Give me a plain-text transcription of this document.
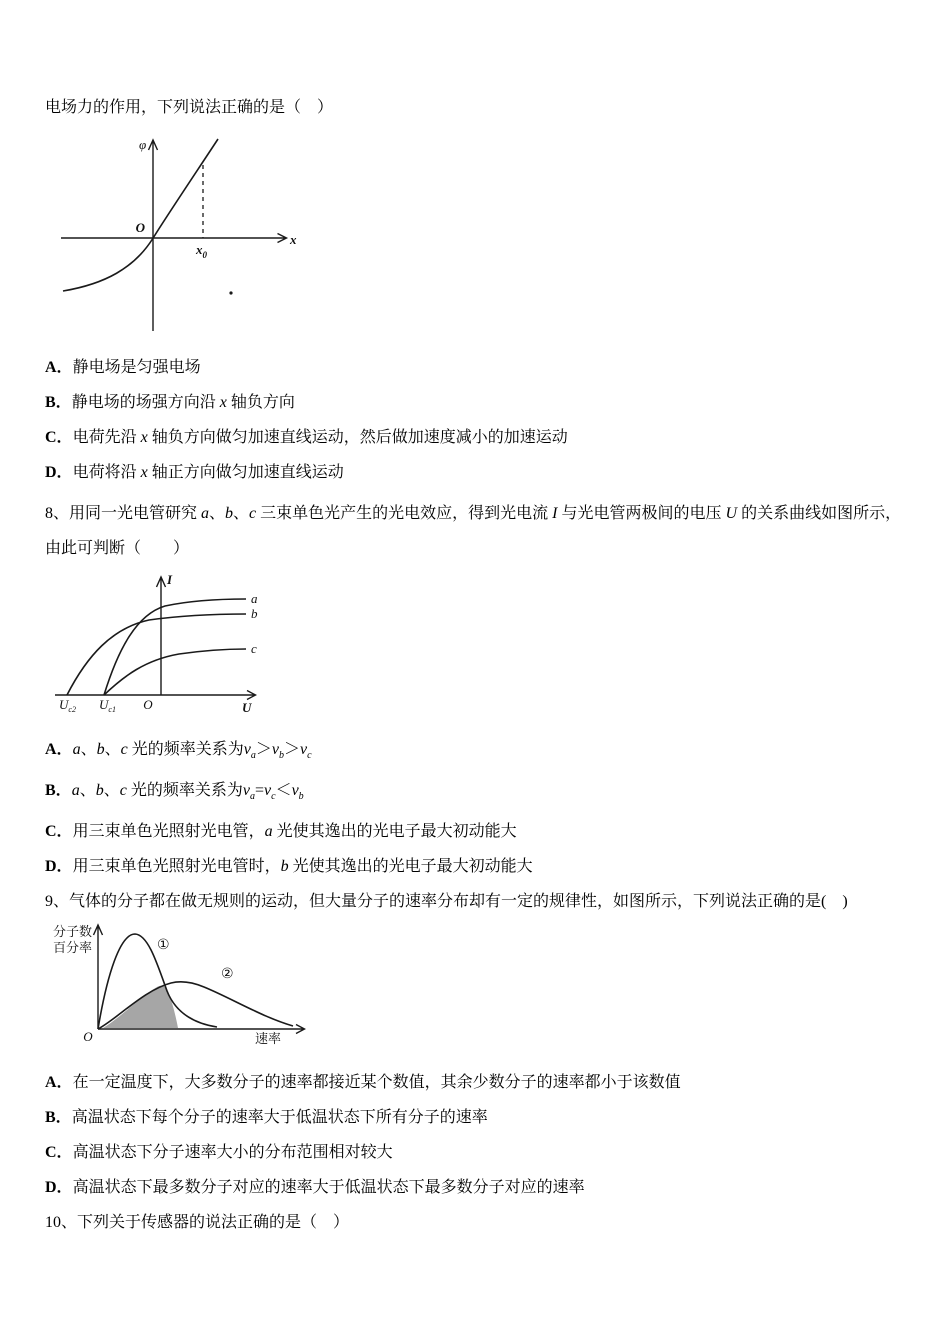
电场力的作用，下列说法正确的是（　）

φ
O
x
$x_0$

A．静电场是匀强电场

B．静电场的场强方向沿 x 轴负方向

C．电荷先沿 x 轴负方向做匀加速直线运动，然后做加速度减小的加速运动

D．电荷将沿 x 轴正方向做匀加速直线运动

8、用同一光电管研究 a、b、c 三束单色光产生的光电效应，得到光电流 I 与光电管两极间的电压 U 的关系曲线如图所示，由此可判断（　　）

I
U
O
$U_{c2}$ $U_{c1}$
a
b
c

A．a、b、c 光的频率关系为$\nu_a>\nu_b>\nu_c$

B．a、b、c 光的频率关系为$\nu_a=\nu_c<\nu_b$

C．用三束单色光照射光电管，a 光使其逸出的光电子最大初动能大

D．用三束单色光照射光电管时，b 光使其逸出的光电子最大初动能大

9、气体的分子都在做无规则的运动，但大量分子的速率分布却有一定的规律性，如图所示，下列说法正确的是(　)

分子数
百分率
O	速率
①
②

A．在一定温度下，大多数分子的速率都接近某个数值，其余少数分子的速率都小于该数值

B．高温状态下每个分子的速率大于低温状态下所有分子的速率

C．高温状态下分子速率大小的分布范围相对较大

D．高温状态下最多数分子对应的速率大于低温状态下最多数分子对应的速率

10、下列关于传感器的说法正确的是（　）
